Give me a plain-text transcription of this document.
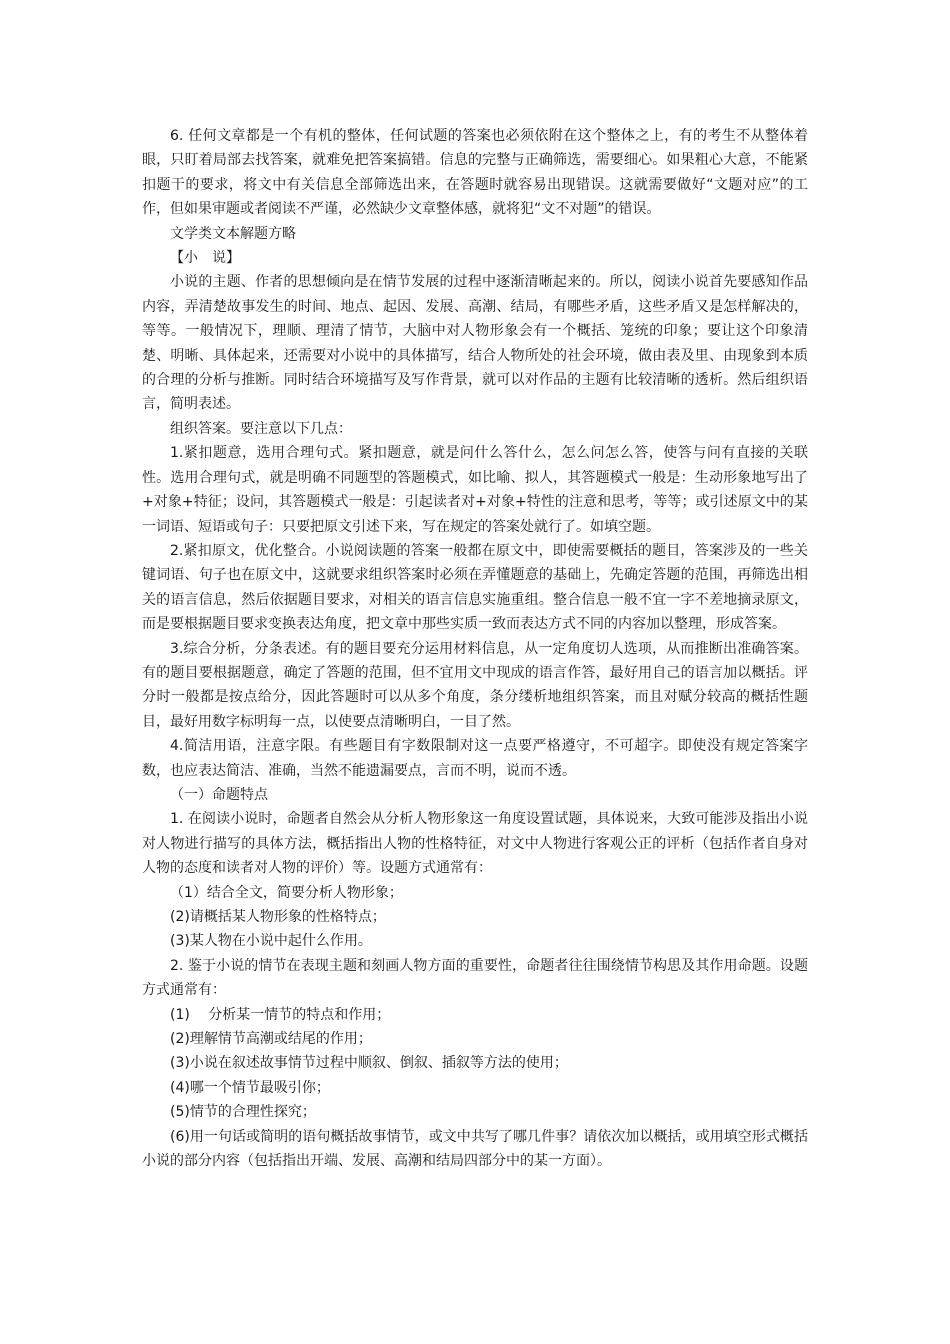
6. 任何文章都是一个有机的整体，任何试题的答案也必须依附在这个整体之上，有的考生不从整体着眼，只盯着局部去找答案，就难免把答案搞错。信息的完整与正确筛选，需要细心。如果粗心大意，不能紧扣题干的要求，将文中有关信息全部筛选出来，在答题时就容易出现错误。这就需要做好“文题对应”的工作，但如果审题或者阅读不严谨，必然缺少文章整体感，就将犯“文不对题”的错误。

文学类文本解题方略

【小　说】

小说的主题、作者的思想倾向是在情节发展的过程中逐渐清晰起来的。所以，阅读小说首先要感知作品内容，弄清楚故事发生的时间、地点、起因、发展、高潮、结局，有哪些矛盾，这些矛盾又是怎样解决的，等等。一般情况下，理顺、理清了情节，大脑中对人物形象会有一个概括、笼统的印象；要让这个印象清楚、明晰、具体起来，还需要对小说中的具体描写，结合人物所处的社会环境，做由表及里、由现象到本质的合理的分析与推断。同时结合环境描写及写作背景，就可以对作品的主题有比较清晰的透析。然后组织语言，简明表述。

组织答案。要注意以下几点：

1.紧扣题意，选用合理句式。紧扣题意，就是问什么答什么，怎么问怎么答，使答与问有直接的关联性。选用合理句式，就是明确不同题型的答题模式，如比喻、拟人，其答题模式一般是：生动形象地写出了+对象+特征；设问，其答题模式一般是：引起读者对+对象+特性的注意和思考，等等；或引述原文中的某一词语、短语或句子：只要把原文引述下来，写在规定的答案处就行了。如填空题。

2.紧扣原文，优化整合。小说阅读题的答案一般都在原文中，即使需要概括的题目，答案涉及的一些关键词语、句子也在原文中，这就要求组织答案时必须在弄懂题意的基础上，先确定答题的范围，再筛选出相关的语言信息，然后依据题目要求，对相关的语言信息实施重组。整合信息一般不宜一字不差地摘录原文，而是要根据题目要求变换表达角度，把文章中那些实质一致而表达方式不同的内容加以整理，形成答案。

3.综合分析，分条表述。有的题目要充分运用材料信息，从一定角度切人选项，从而推断出准确答案。有的题目要根据题意，确定了答题的范围，但不宜用文中现成的语言作答，最好用自己的语言加以概括。评分时一般都是按点给分，因此答题时可以从多个角度，条分缕析地组织答案，而且对赋分较高的概括性题目，最好用数字标明每一点，以使要点清晰明白，一目了然。

4.简洁用语，注意字限。有些题目有字数限制对这一点要严格遵守，不可超字。即使没有规定答案字数，也应表达简洁、准确，当然不能遗漏要点，言而不明，说而不透。

（一）命题特点

1. 在阅读小说时，命题者自然会从分析人物形象这一角度设置试题，具体说来，大致可能涉及指出小说对人物进行描写的具体方法，概括指出人物的性格特征，对文中人物进行客观公正的评析（包括作者自身对人物的态度和读者对人物的评价）等。设题方式通常有：

（1）结合全文，简要分析人物形象；

(2)请概括某人物形象的性格特点；

(3)某人物在小说中起什么作用。

2. 鉴于小说的情节在表现主题和刻画人物方面的重要性，命题者往往围绕情节构思及其作用命题。设题方式通常有：

(1)　 分析某一情节的特点和作用；

(2)理解情节高潮或结尾的作用；

(3)小说在叙述故事情节过程中顺叙、倒叙、插叙等方法的使用；

(4)哪一个情节最吸引你；

(5)情节的合理性探究；

(6)用一句话或简明的语句概括故事情节，或文中共写了哪几件事？请依次加以概括，或用填空形式概括小说的部分内容（包括指出开端、发展、高潮和结局四部分中的某一方面）。
